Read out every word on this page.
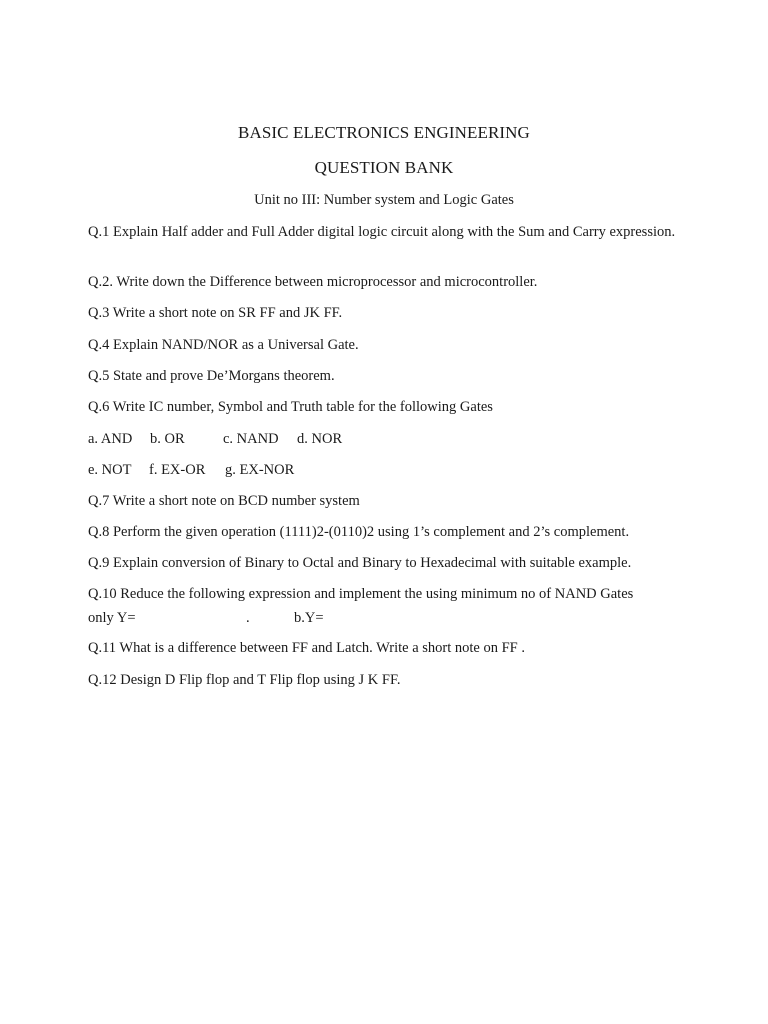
BASIC ELECTRONICS ENGINEERING
QUESTION BANK
Unit no III: Number system and Logic Gates
Q.1 Explain Half adder and Full Adder digital logic circuit along with the Sum and Carry expression.
Q.2. Write down the Difference between microprocessor and microcontroller.
Q.3 Write a short note on SR FF and JK FF.
Q.4 Explain NAND/NOR as a Universal Gate.
Q.5 State and prove De’Morgans theorem.
Q.6 Write IC number, Symbol and Truth table for the following Gates
a. AND b. OR	c. NAND d. NOR
e. NOT f. EX-OR g. EX-NOR
Q.7 Write a short note on BCD number system
Q.8 Perform the given operation (1111)2-(0110)2 using 1’s complement and 2’s complement.
Q.9 Explain conversion of Binary to Octal and Binary to Hexadecimal with suitable example.
Q.10 Reduce the following expression and implement the using minimum no of NAND Gates
only Y=	.	b.Y=
Q.11 What is a difference between FF and Latch. Write a short note on FF .
Q.12 Design D Flip flop and T Flip flop using J K FF.
